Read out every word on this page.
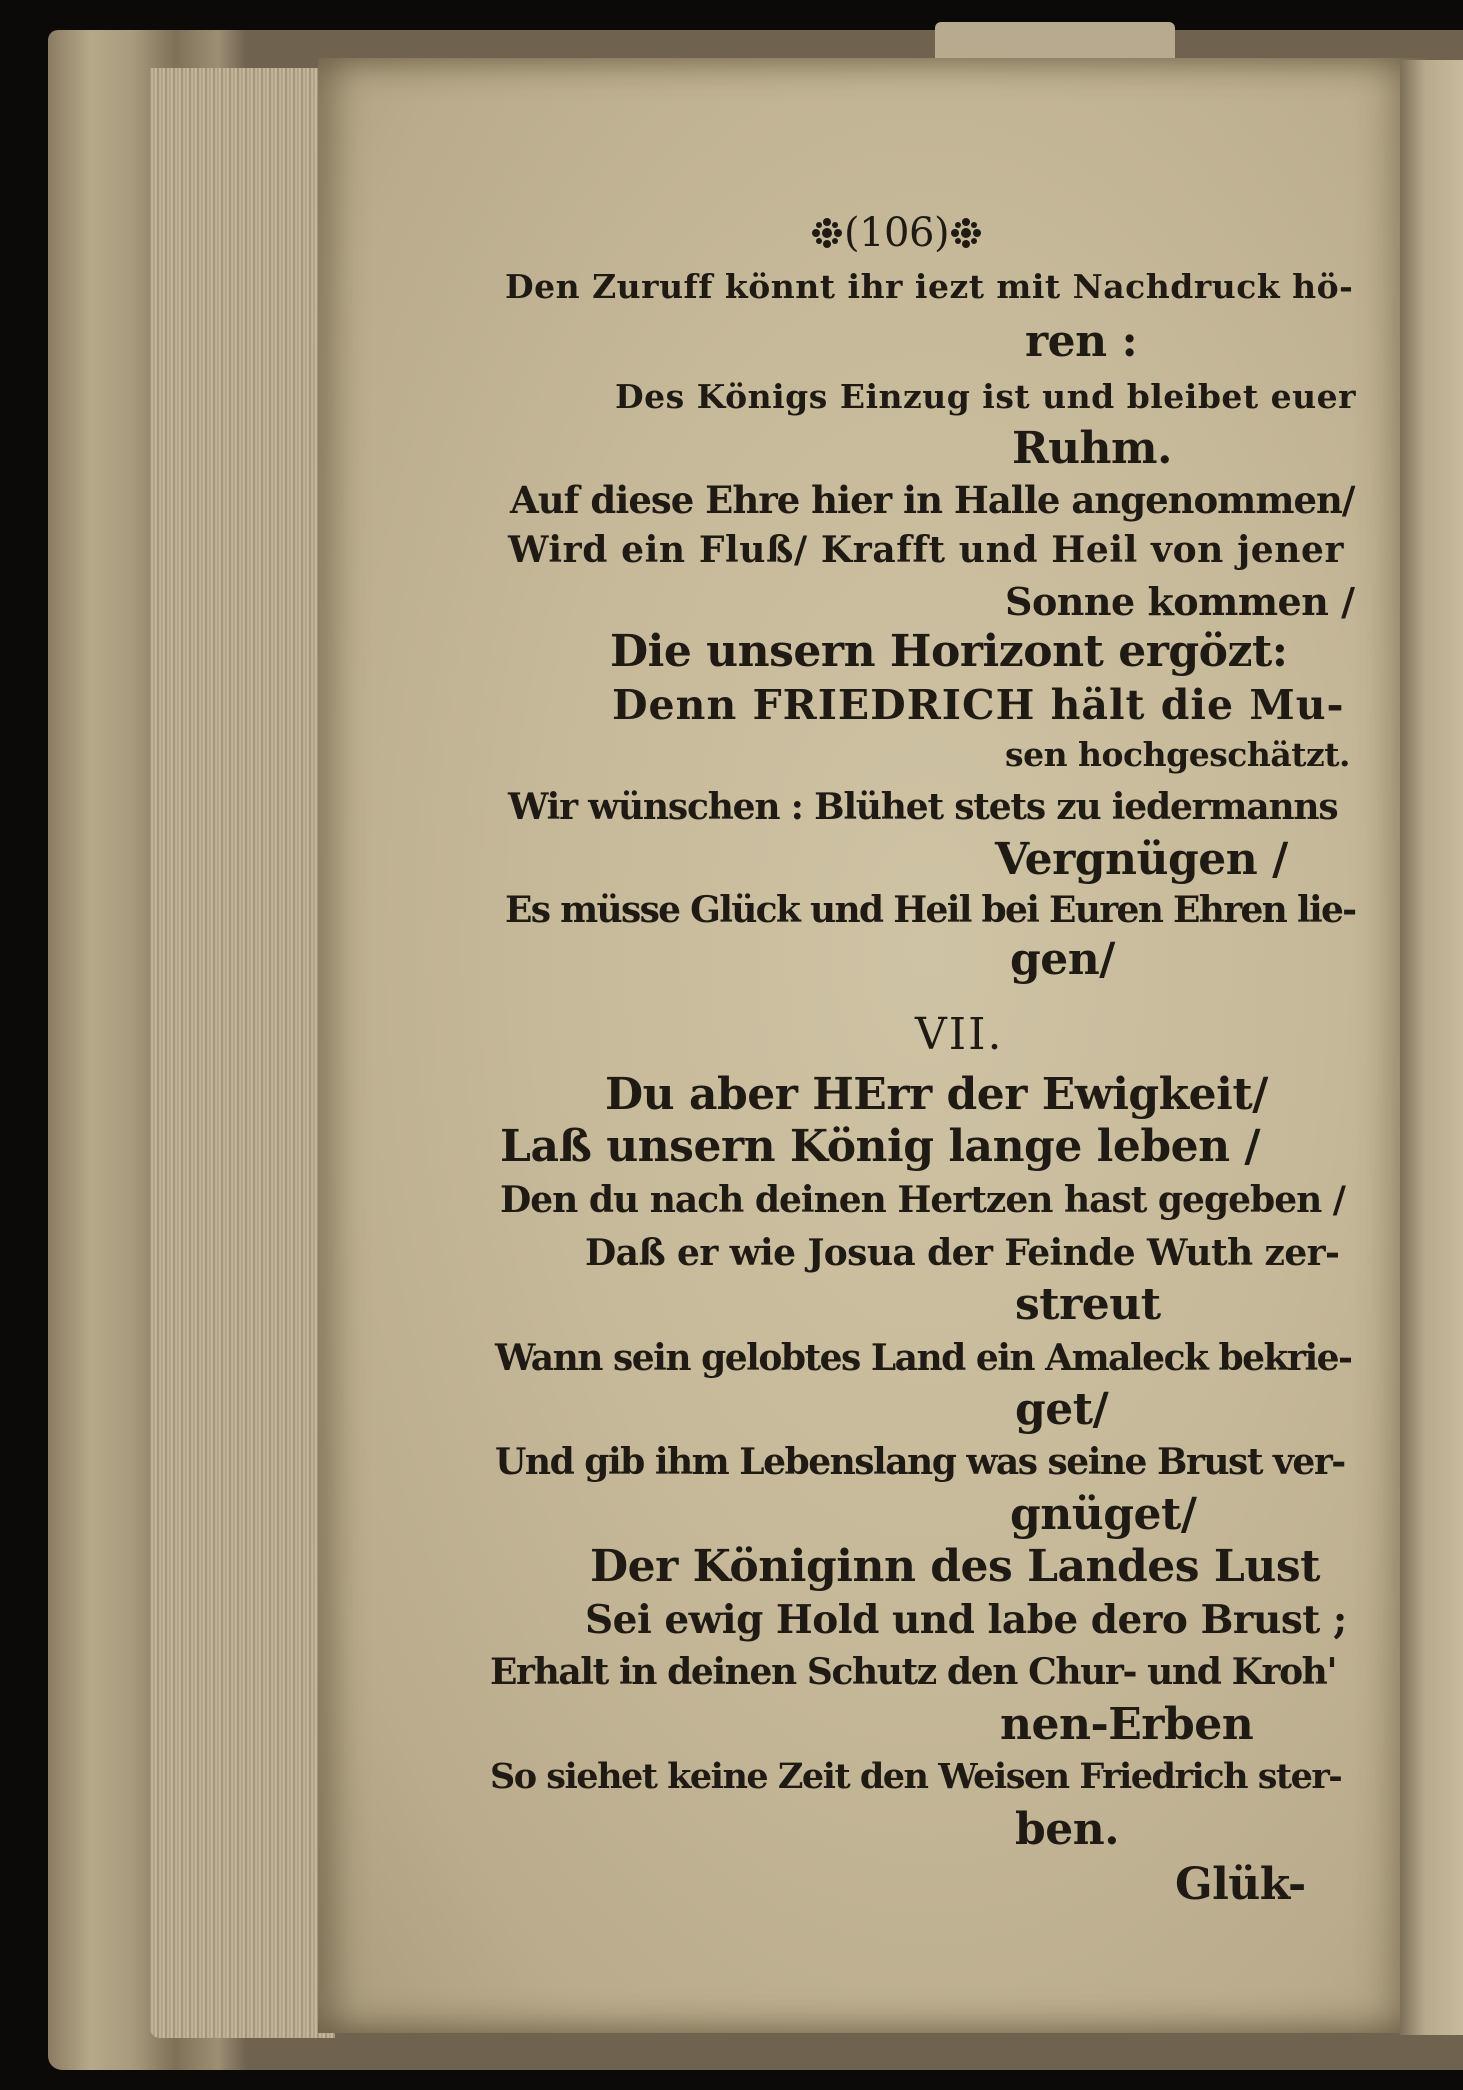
(106)
Den Zuruff könnt ihr iezt mit Nachdruck hö-
ren :
Des Königs Einzug ist und bleibet euer
Ruhm.
Auf diese Ehre hier in Halle angenommen/
Wird ein Fluß/ Krafft und Heil von jener
Sonne kommen /
Die unsern Horizont ergözt:
Denn FRIEDRICH hält die Mu-
sen hochgeschätzt.
Wir wünschen : Blühet stets zu iedermanns
Vergnügen /
Es müsse Glück und Heil bei Euren Ehren lie-
gen/
VII.
Du aber HErr der Ewigkeit/
Laß unsern König lange leben /
Den du nach deinen Hertzen hast gegeben /
Daß er wie Josua der Feinde Wuth zer-
streut
Wann sein gelobtes Land ein Amaleck bekrie-
get/
Und gib ihm Lebenslang was seine Brust ver-
gnüget/
Der Königinn des Landes Lust
Sei ewig Hold und labe dero Brust ;
Erhalt in deinen Schutz den Chur- und Kroh'
nen-Erben
So siehet keine Zeit den Weisen Friedrich ster-
ben.
Glük-
